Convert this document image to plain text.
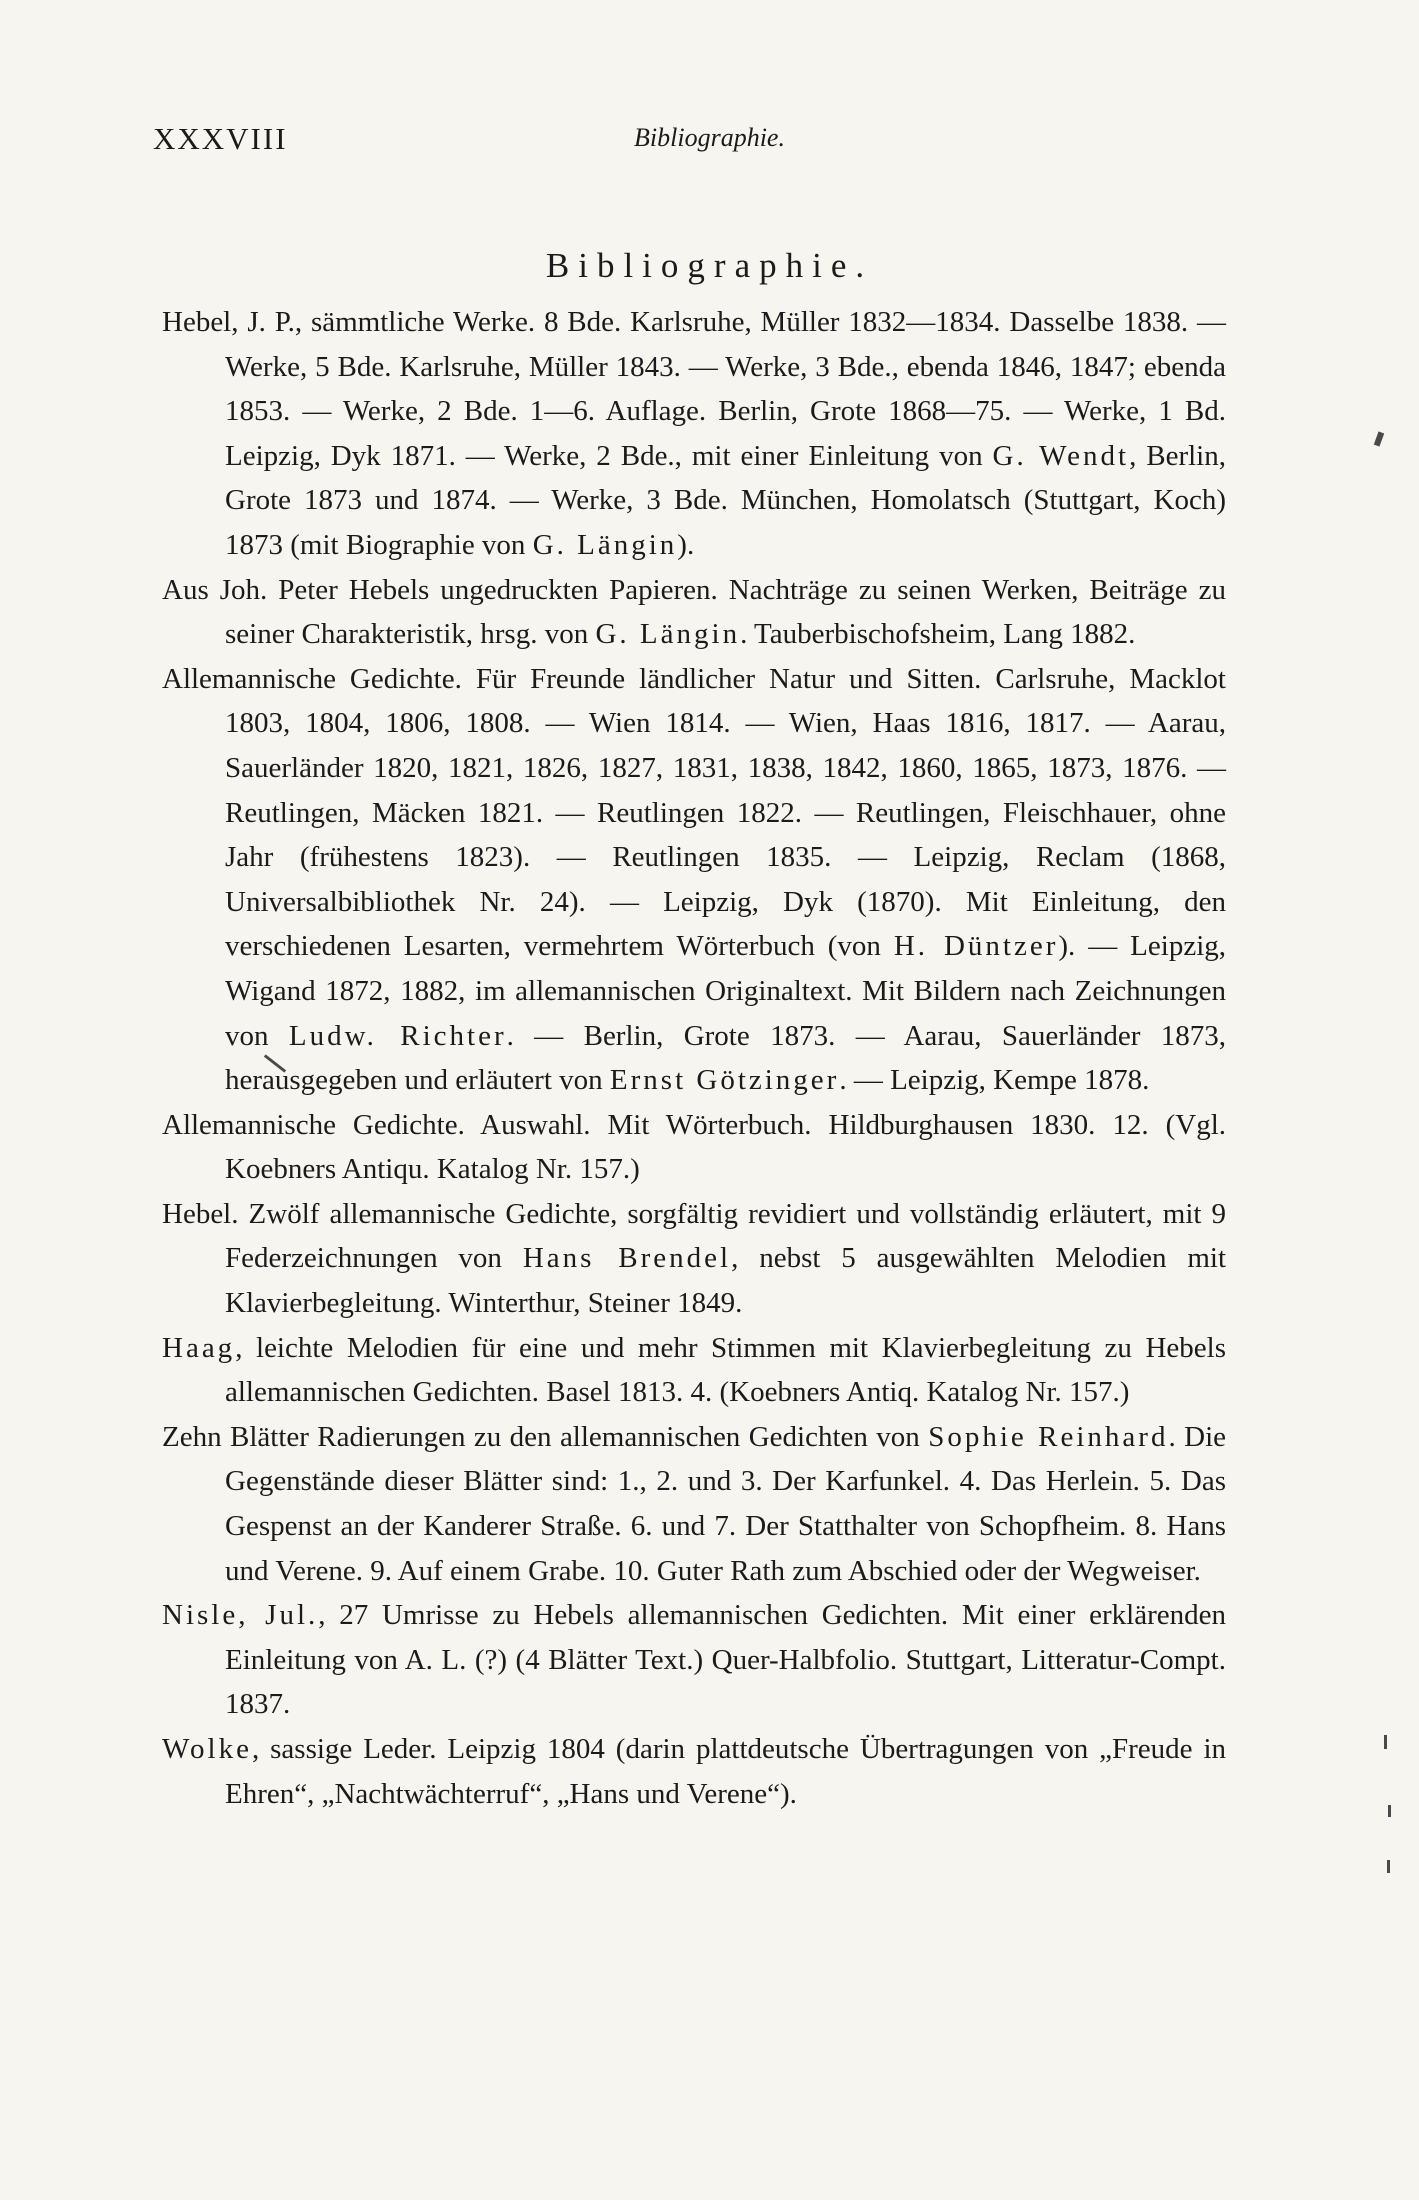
XXXVIII	Bibliographie.
Bibliographie.

Hebel, J. P., sämmtliche Werke. 8 Bde. Karlsruhe, Müller 1832—1834. Dasselbe 1838. — Werke, 5 Bde. Karlsruhe, Müller 1843. — Werke, 3 Bde., ebenda 1846, 1847; ebenda 1853. — Werke, 2 Bde. 1—6. Auflage. Berlin, Grote 1868—75. — Werke, 1 Bd. Leipzig, Dyk 1871. — Werke, 2 Bde., mit einer Einleitung von G. Wendt, Berlin, Grote 1873 und 1874. — Werke, 3 Bde. München, Homolatsch (Stuttgart, Koch) 1873 (mit Biographie von G. Längin).

Aus Joh. Peter Hebels ungedruckten Papieren. Nachträge zu seinen Werken, Beiträge zu seiner Charakteristik, hrsg. von G. Längin. Tauberbischofsheim, Lang 1882.

Allemannische Gedichte. Für Freunde ländlicher Natur und Sitten. Carlsruhe, Macklot 1803, 1804, 1806, 1808. — Wien 1814. — Wien, Haas 1816, 1817. — Aarau, Sauerländer 1820, 1821, 1826, 1827, 1831, 1838, 1842, 1860, 1865, 1873, 1876. — Reutlingen, Mäcken 1821. — Reutlingen 1822. — Reutlingen, Fleischhauer, ohne Jahr (frühestens 1823). — Reutlingen 1835. — Leipzig, Reclam (1868, Universalbibliothek Nr. 24). — Leipzig, Dyk (1870). Mit Einleitung, den verschiedenen Lesarten, vermehrtem Wörterbuch (von H. Düntzer). — Leipzig, Wigand 1872, 1882, im allemannischen Originaltext. Mit Bildern nach Zeichnungen von Ludw. Richter. — Berlin, Grote 1873. — Aarau, Sauerländer 1873, herausgegeben und erläutert von Ernst Götzinger. — Leipzig, Kempe 1878.

Allemannische Gedichte. Auswahl. Mit Wörterbuch. Hildburghausen 1830. 12. (Vgl. Koebners Antiqu. Katalog Nr. 157.)

Hebel. Zwölf allemannische Gedichte, sorgfältig revidiert und vollständig erläutert, mit 9 Federzeichnungen von Hans Brendel, nebst 5 ausgewählten Melodien mit Klavierbegleitung. Winterthur, Steiner 1849.

Haag, leichte Melodien für eine und mehr Stimmen mit Klavierbegleitung zu Hebels allemannischen Gedichten. Basel 1813. 4. (Koebners Antiq. Katalog Nr. 157.)

Zehn Blätter Radierungen zu den allemannischen Gedichten von Sophie Reinhard. Die Gegenstände dieser Blätter sind: 1., 2. und 3. Der Karfunkel. 4. Das Herlein. 5. Das Gespenst an der Kanderer Straße. 6. und 7. Der Statthalter von Schopfheim. 8. Hans und Verene. 9. Auf einem Grabe. 10. Guter Rath zum Abschied oder der Wegweiser.

Nisle, Jul., 27 Umrisse zu Hebels allemannischen Gedichten. Mit einer erklärenden Einleitung von A. L. (?) (4 Blätter Text.) Quer-Halbfolio. Stuttgart, Litteratur-Compt. 1837.

Wolke, sassige Leder. Leipzig 1804 (darin plattdeutsche Übertragungen von „Freude in Ehren“, „Nachtwächterruf“, „Hans und Verene“).
